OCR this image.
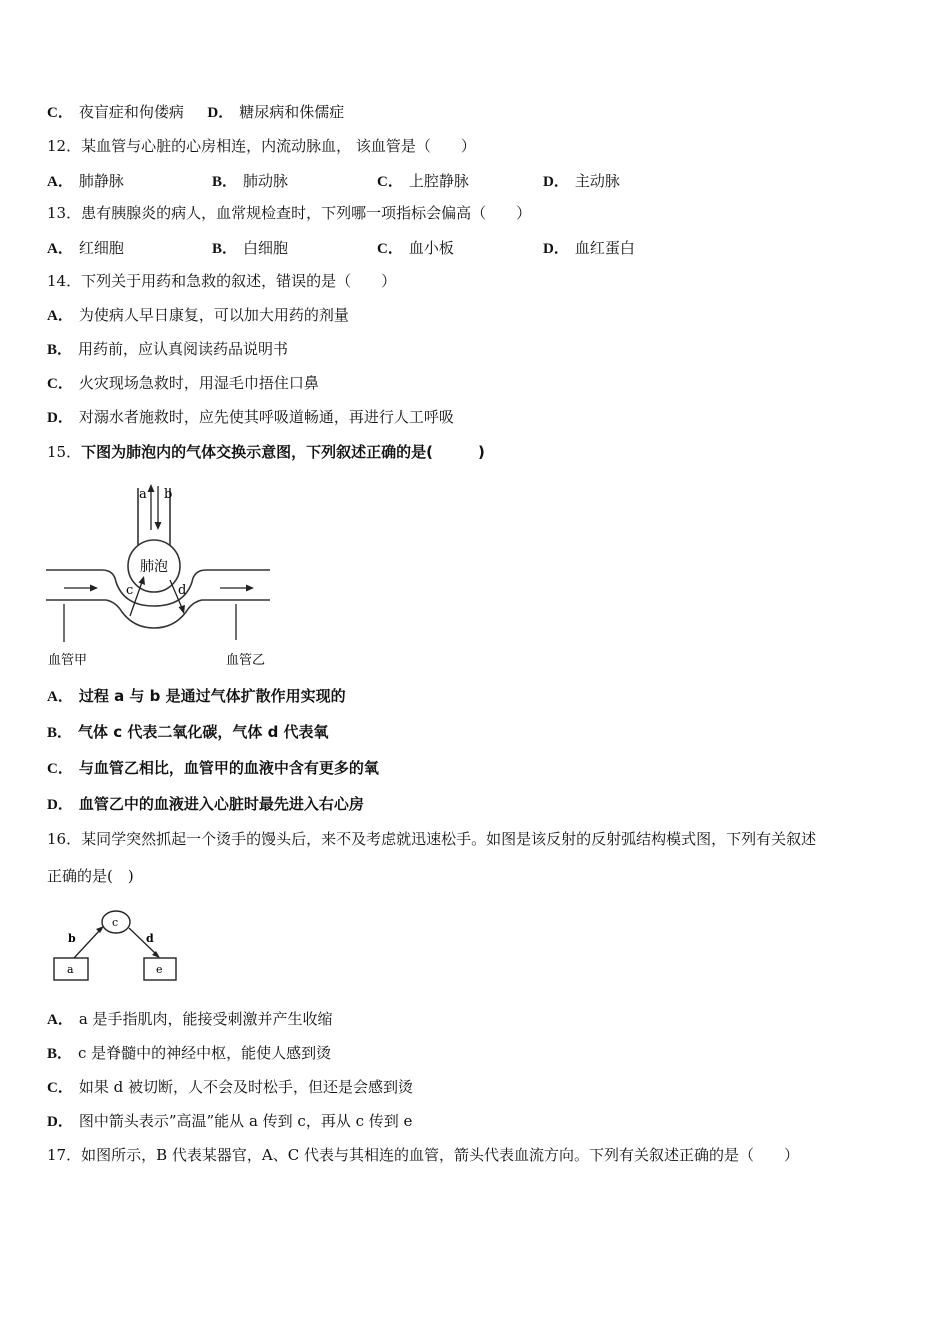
C． 夜盲症和佝偻病 D． 糖尿病和侏儒症
12．某血管与心脏的心房相连，内流动脉血， 该血管是（　　）
A． 肺静脉	B． 肺动脉	C． 上腔静脉	D． 主动脉
13．患有胰腺炎的病人，血常规检查时，下列哪一项指标会偏高（　　）
A． 红细胞	B． 白细胞	C． 血小板	D． 血红蛋白
14．下列关于用药和急救的叙述，错误的是（　　）
A． 为使病人早日康复，可以加大用药的剂量
B． 用药前，应认真阅读药品说明书
C． 火灾现场急救时，用湿毛巾捂住口鼻
D． 对溺水者施救时，应先使其呼吸道畅通，再进行人工呼吸
15．下图为肺泡内的气体交换示意图，下列叙述正确的是(　　　)
a b
肺泡
c	d
血管甲	血管乙
A． 过程 a 与 b 是通过气体扩散作用实现的
B． 气体 c 代表二氧化碳，气体 d 代表氧
C． 与血管乙相比，血管甲的血液中含有更多的氧
D． 血管乙中的血液进入心脏时最先进入右心房
16．某同学突然抓起一个烫手的馒头后，来不及考虑就迅速松手。如图是该反射的反射弧结构模式图，下列有关叙述
正确的是(　)
c
a	e
b	d
A． a 是手指肌肉，能接受刺激并产生收缩
B． c 是脊髓中的神经中枢，能使人感到烫
C． 如果 d 被切断，人不会及时松手，但还是会感到烫
D． 图中箭头表示”高温”能从 a 传到 c，再从 c 传到 e
17．如图所示，B 代表某器官，A、C 代表与其相连的血管，箭头代表血流方向。下列有关叙述正确的是（　　）
